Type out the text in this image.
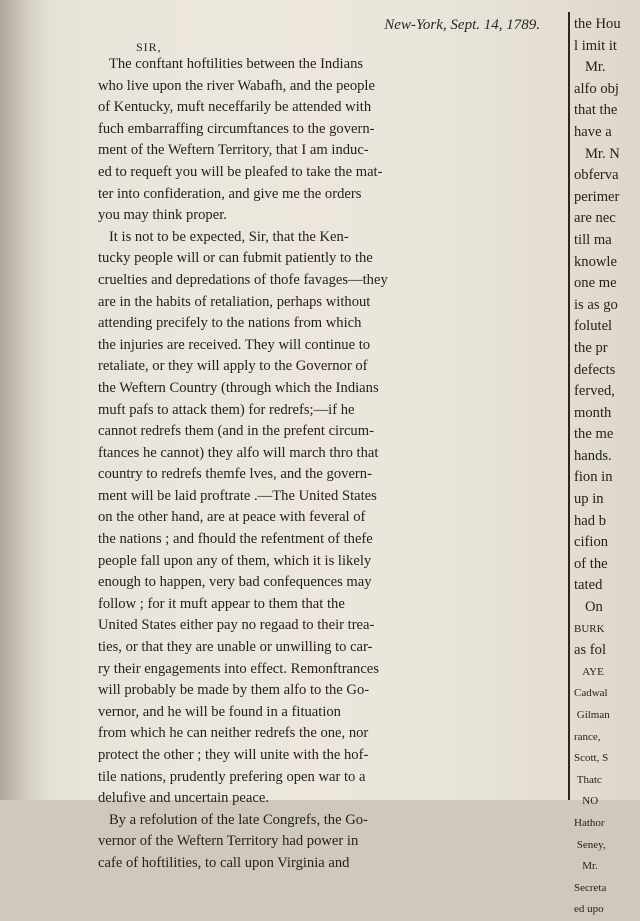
New-York, Sept. 14, 1789.

SIR,

The conftant hoftilities between the Indians

who live upon the river Wabafh, and the people

of Kentucky, muft neceffarily be attended with

fuch embarraffing circumftances to the govern-

ment of the Weftern Territory, that I am induc-

ed to requeft you will be pleafed to take the mat-

ter into confideration, and give me the orders

you may think proper.

It is not to be expected, Sir, that the Ken-

tucky people will or can fubmit patiently to the

cruelties and depredations of thofe favages—they

are in the habits of retaliation, perhaps without

attending precifely to the nations from which

the injuries are received. They will continue to

retaliate, or they will apply to the Governor of

the Weftern Country (through which the Indians

muft pafs to attack them) for redrefs;—if he

cannot redrefs them (and in the prefent circum-

ftances he cannot) they alfo will march thro that

country to redrefs themfe lves, and the govern-

ment will be laid proftrate .—The United States

on the other hand, are at peace with feveral of

the nations ; and fhould the refentment of thefe

people fall upon any of them, which it is likely

enough to happen, very bad confequences may

follow ; for it muft appear to them that the

United States either pay no regaad to their trea-

ties, or that they are unable or unwilling to car-

ry their engagements into effect. Remonftrances

will probably be made by them alfo to the Go-

vernor, and he will be found in a fituation

from which he can neither redrefs the one, nor

protect the other ; they will unite with the hof-

tile nations, prudently prefering open war to a

delufive and uncertain peace.

By a refolution of the late Congrefs, the Go-

vernor of the Weftern Territory had power in

cafe of hoftilities, to call upon Virginia and

the Hou

l imit it

Mr.

alfo obj

that the

have a

Mr. N

obferva

perimer

are nec

till ma

knowle

one me

is as go

folutel

the pr

defects

ferved,

month

the me

hands.

fion in

up in

had b

cifion

of the

tated

On

BURK

as fol

AYE

Cadwal

Gilman

rance,

Scott, S

Thatc

NO

Hathor

Seney,

Mr.

Secreta

ed upo
